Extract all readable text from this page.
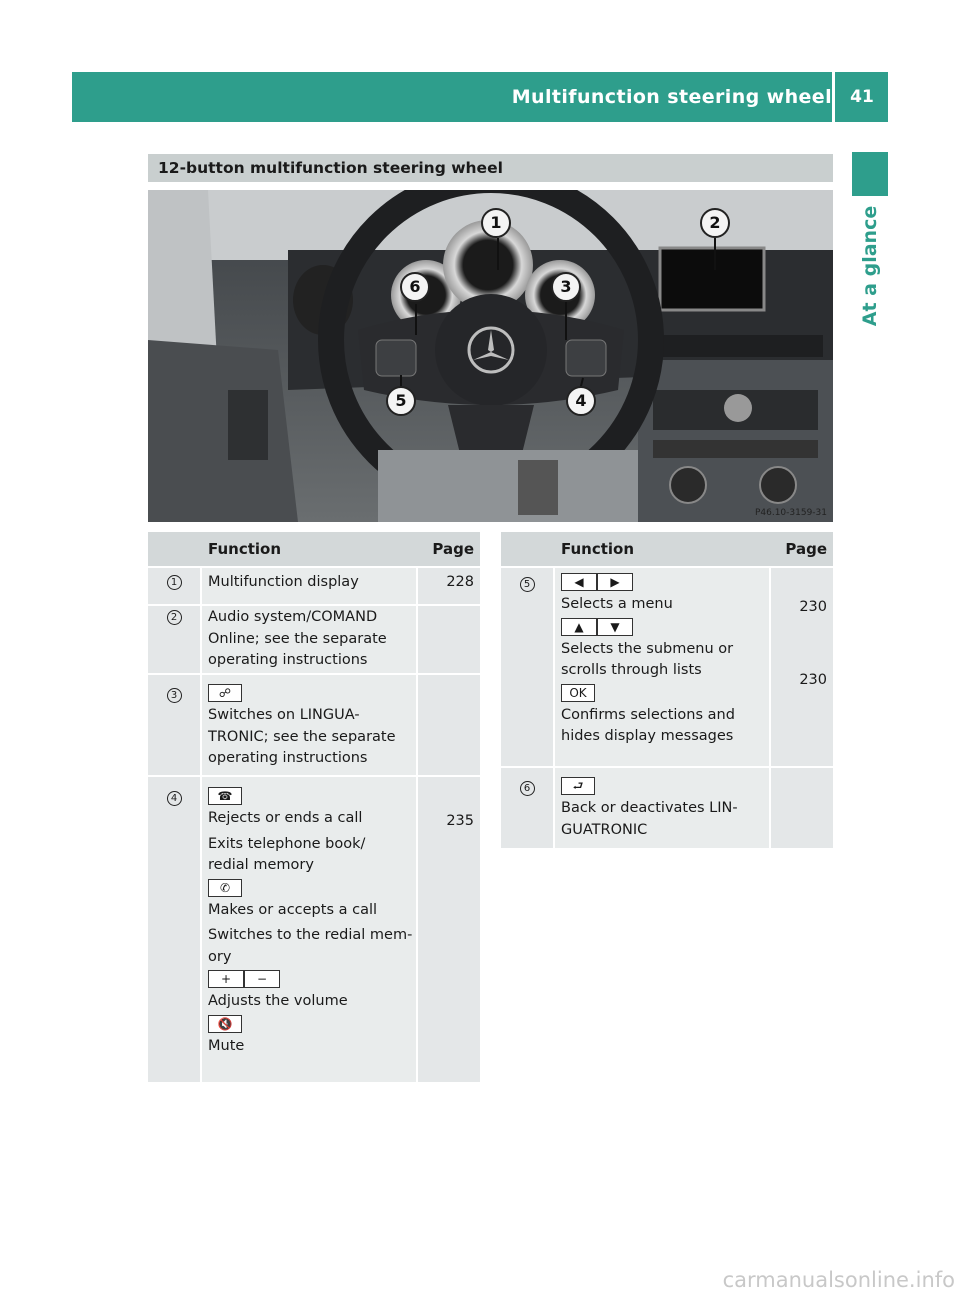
Multifunction steering wheel	41
At a glance
12-button multifunction steering wheel
1	2
3
4
5
6
P46.10-3159-31
Function	Page
1	Multifunction display	228
2	Audio system/COMAND
Online; see the separate
operating instructions
3	☍
Switches on LINGUA-
TRONIC; see the separate
operating instructions
4	☎
Rejects or ends a call
Exits telephone book/
redial memory
✆
Makes or accepts a call
Switches to the redial mem-
ory
+ −
Adjusts the volume
🔇
Mute
235
Function	Page
5	◀ ▶
Selects a menu
▲ ▼
Selects the submenu or
scrolls through lists
OK
Confirms selections and
hides display messages
230
230
6	⮐
Back or deactivates LIN-
GUATRONIC
carmanualsonline.info
